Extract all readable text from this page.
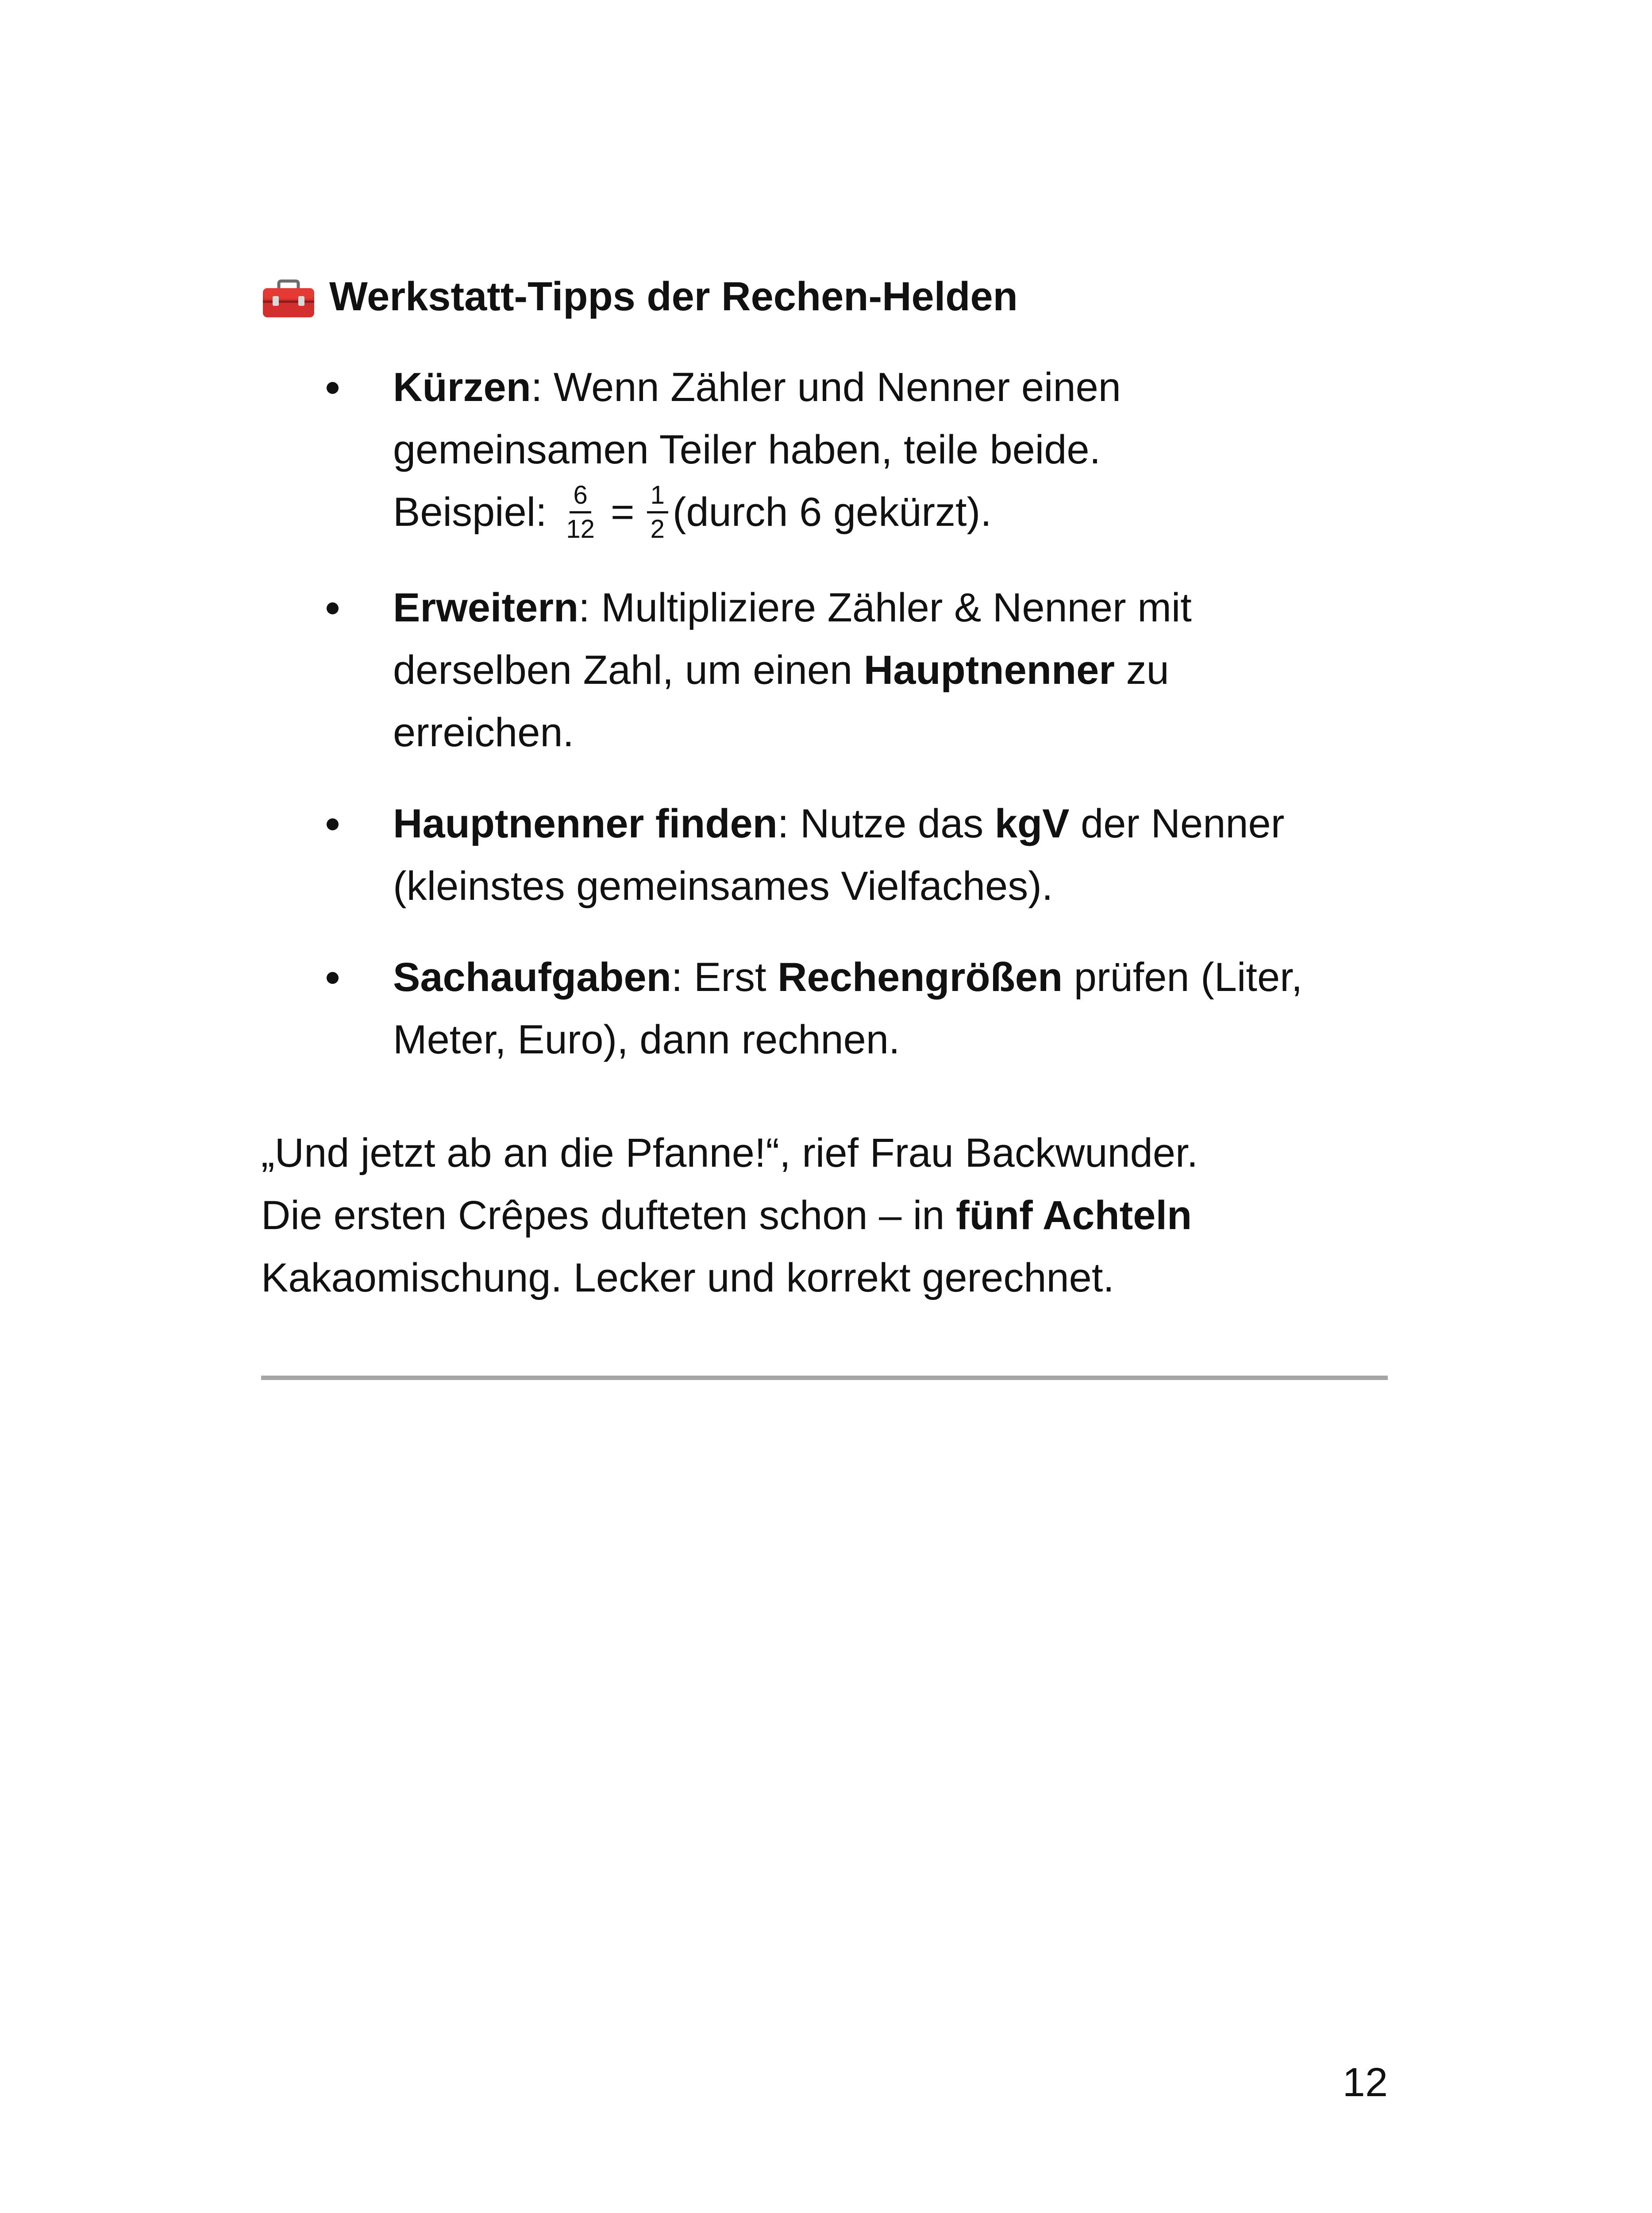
Werkstatt-Tipps der Rechen-Helden
Kürzen: Wenn Zähler und Nenner einen
gemeinsamen Teiler haben, teile beide.
Beispiel: $\frac{6}{12} = \frac{1}{2}$ (durch 6 gekürzt).
Erweitern: Multipliziere Zähler & Nenner mit
derselben Zahl, um einen Hauptnenner zu
erreichen.
Hauptnenner finden: Nutze das kgV der Nenner
(kleinstes gemeinsames Vielfaches).
Sachaufgaben: Erst Rechengrößen prüfen (Liter,
Meter, Euro), dann rechnen.
„Und jetzt ab an die Pfanne!“, rief Frau Backwunder.
Die ersten Crêpes dufteten schon – in fünf Achteln
Kakaomischung. Lecker und korrekt gerechnet.
12
